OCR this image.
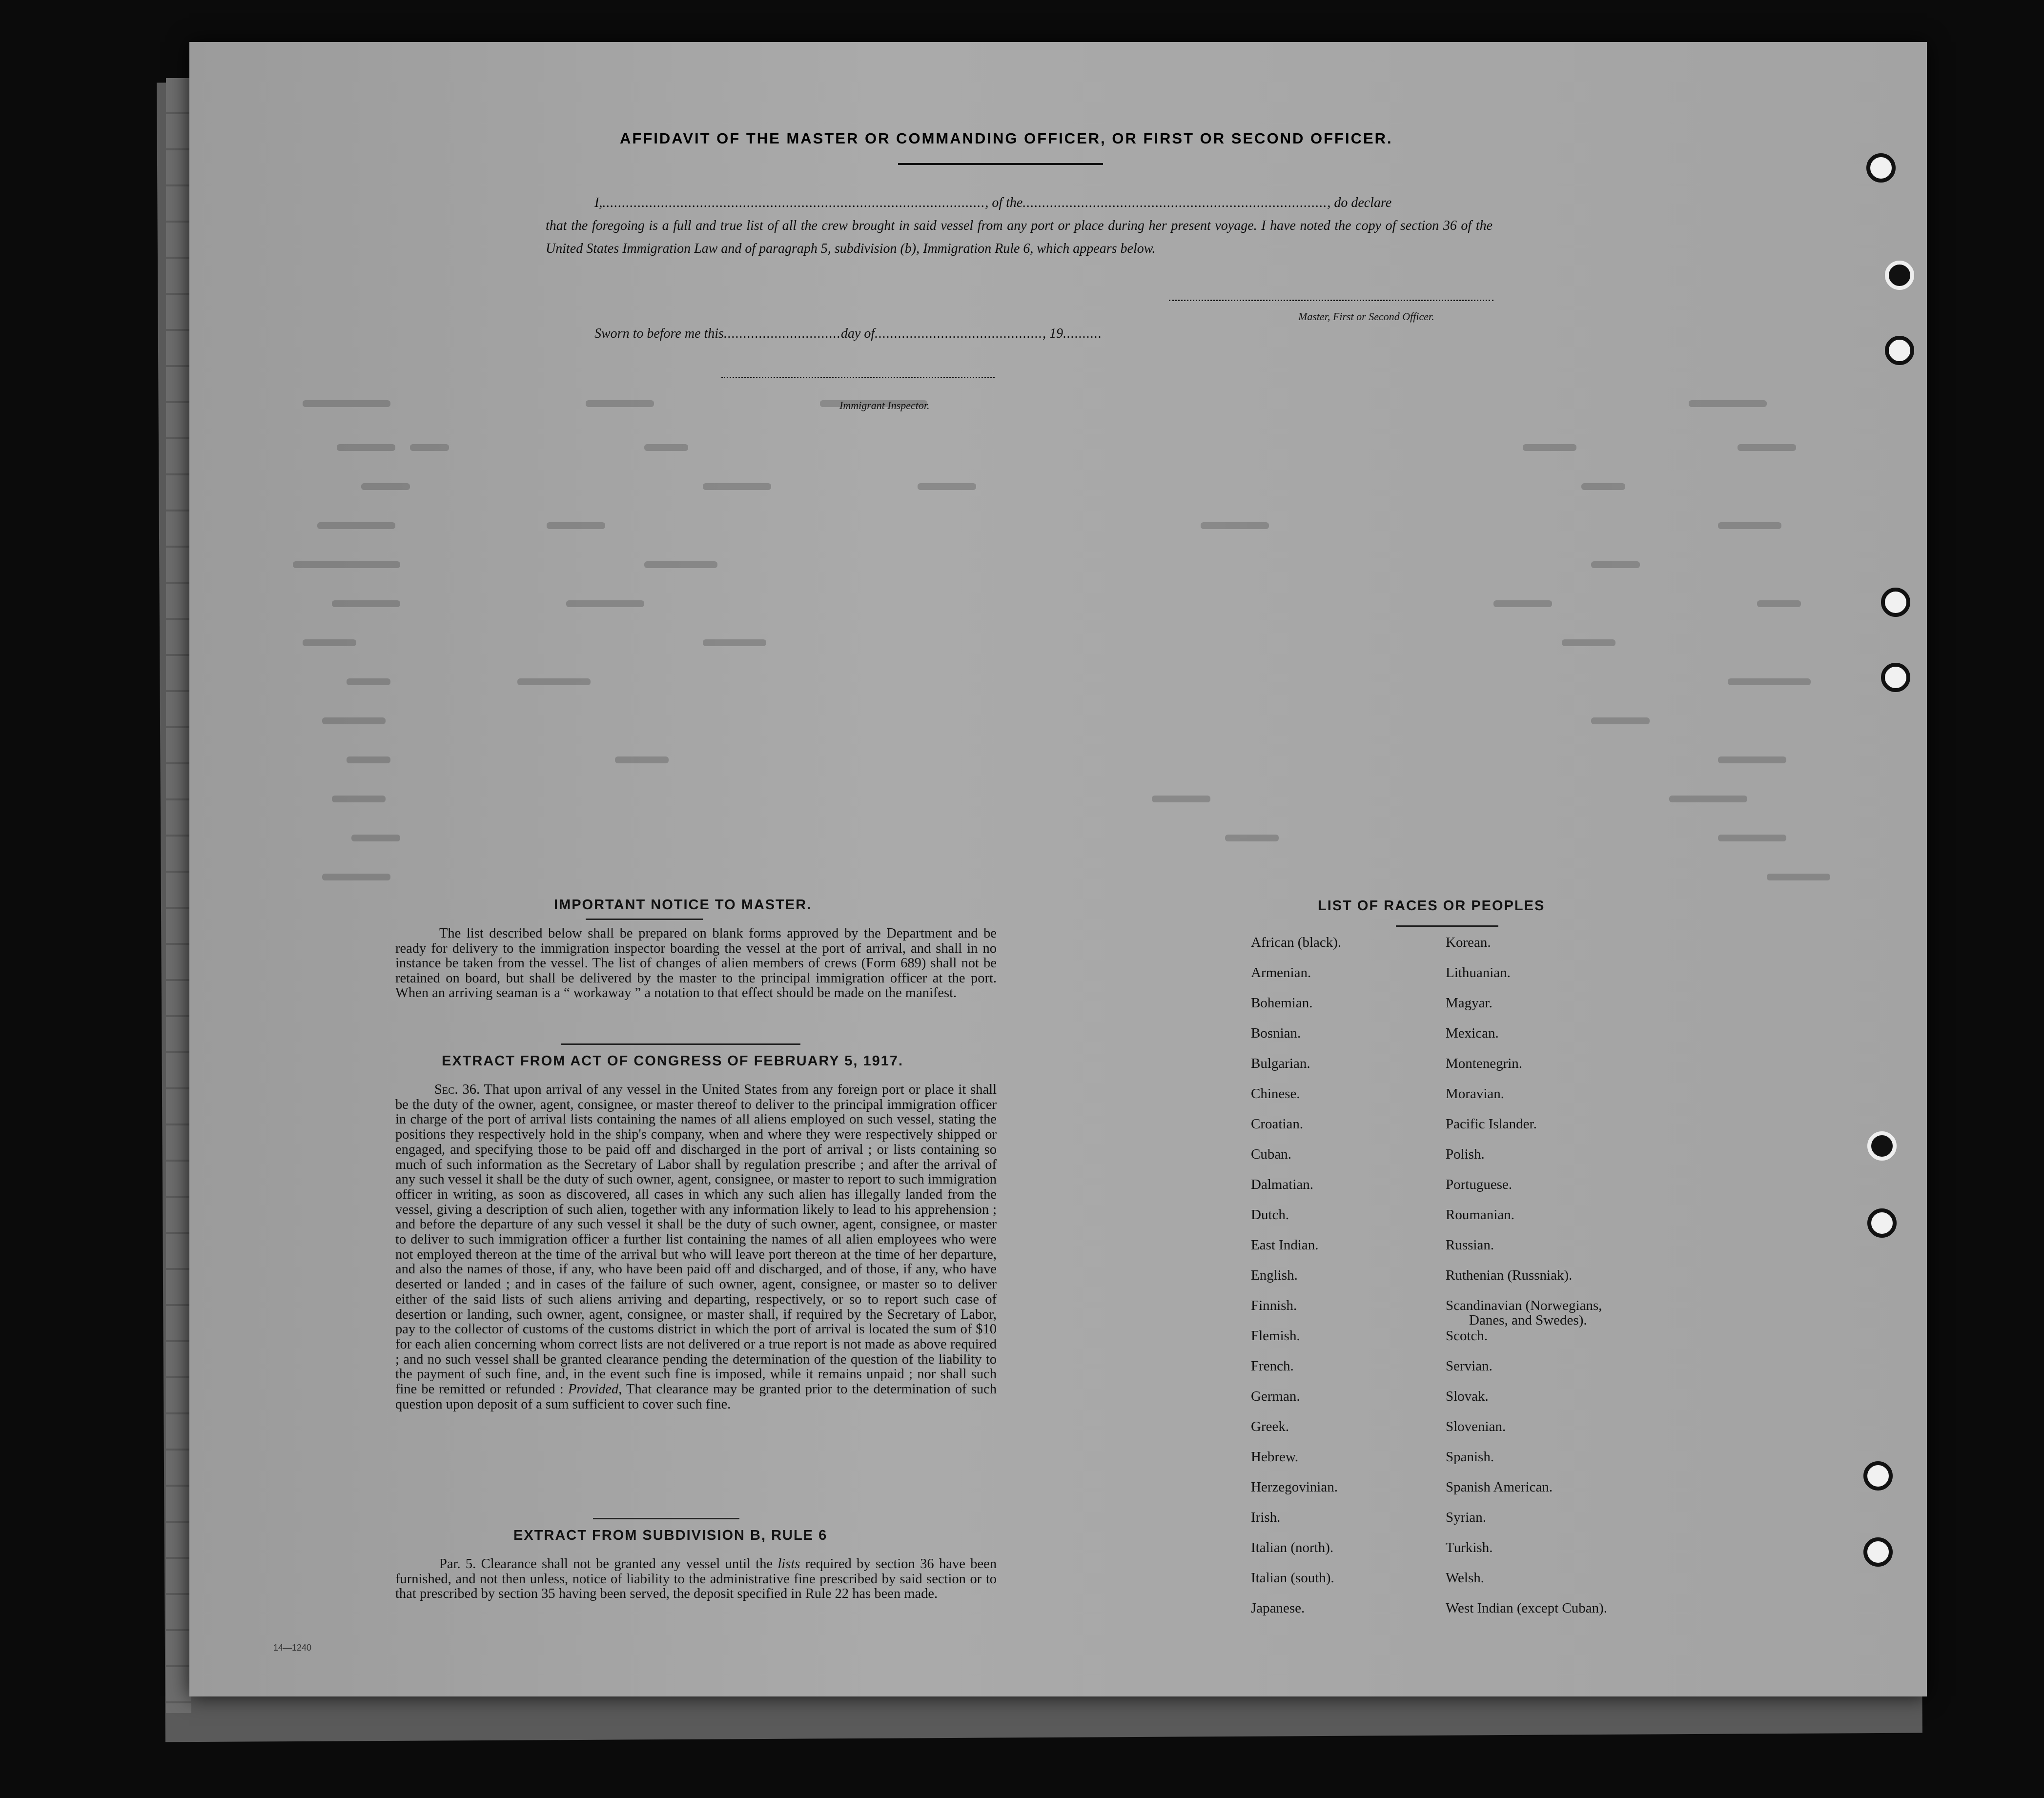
AFFIDAVIT OF THE MASTER OR COMMANDING OFFICER, OR FIRST OR SECOND OFFICER.
I,.................................................................................................., of the.............................................................................., do declare
that the foregoing is a full and true list of all the crew brought in said vessel from any port or place during her present voyage. I have noted the copy of section 36 of the United States Immigration Law and of paragraph 5, subdivision (b), Immigration Rule 6, which appears below.
Master, First or Second Officer.
Sworn to before me this..............................day of..........................................., 19..........
Immigrant Inspector.
IMPORTANT NOTICE TO MASTER.
The list described below shall be prepared on blank forms approved by the Department and be ready for delivery to the immigration inspector boarding the vessel at the port of arrival, and shall in no instance be taken from the vessel. The list of changes of alien members of crews (Form 689) shall not be retained on board, but shall be delivered by the master to the principal immigration officer at the port. When an arriving seaman is a “ workaway ” a notation to that effect should be made on the manifest.
EXTRACT FROM ACT OF CONGRESS OF FEBRUARY 5, 1917.
Sec. 36. That upon arrival of any vessel in the United States from any foreign port or place it shall be the duty of the owner, agent, consignee, or master thereof to deliver to the principal immigration officer in charge of the port of arrival lists containing the names of all aliens employed on such vessel, stating the positions they respectively hold in the ship's company, when and where they were respectively shipped or engaged, and specifying those to be paid off and discharged in the port of arrival ; or lists containing so much of such information as the Secretary of Labor shall by regulation prescribe ; and after the arrival of any such vessel it shall be the duty of such owner, agent, consignee, or master to report to such immigration officer in writing, as soon as discovered, all cases in which any such alien has illegally landed from the vessel, giving a description of such alien, together with any information likely to lead to his apprehension ; and before the departure of any such vessel it shall be the duty of such owner, agent, consignee, or master to deliver to such immigration officer a further list containing the names of all alien employees who were not employed thereon at the time of the arrival but who will leave port thereon at the time of her departure, and also the names of those, if any, who have been paid off and discharged, and of those, if any, who have deserted or landed ; and in cases of the failure of such owner, agent, consignee, or master so to deliver either of the said lists of such aliens arriving and departing, respectively, or so to report such case of desertion or landing, such owner, agent, consignee, or master shall, if required by the Secretary of Labor, pay to the collector of customs of the customs district in which the port of arrival is located the sum of $10 for each alien concerning whom correct lists are not delivered or a true report is not made as above required ; and no such vessel shall be granted clearance pending the determination of the question of the liability to the payment of such fine, and, in the event such fine is imposed, while it remains unpaid ; nor shall such fine be remitted or refunded : Provided, That clearance may be granted prior to the determination of such question upon deposit of a sum sufficient to cover such fine.
EXTRACT FROM SUBDIVISION B, RULE 6
Par. 5. Clearance shall not be granted any vessel until the lists required by section 36 have been furnished, and not then unless, notice of liability to the administrative fine prescribed by said section or to that prescribed by section 35 having been served, the deposit specified in Rule 22 has been made.
LIST OF RACES OR PEOPLES
African (black).
Armenian.
Bohemian.
Bosnian.
Bulgarian.
Chinese.
Croatian.
Cuban.
Dalmatian.
Dutch.
East Indian.
English.
Finnish.
Flemish.
French.
German.
Greek.
Hebrew.
Herzegovinian.
Irish.
Italian (north).
Italian (south).
Japanese.
Korean.
Lithuanian.
Magyar.
Mexican.
Montenegrin.
Moravian.
Pacific Islander.
Polish.
Portuguese.
Roumanian.
Russian.
Ruthenian (Russniak).
Scandinavian (Norwegians,
Danes, and Swedes).
Scotch.
Servian.
Slovak.
Slovenian.
Spanish.
Spanish American.
Syrian.
Turkish.
Welsh.
West Indian (except Cuban).
14—1240
